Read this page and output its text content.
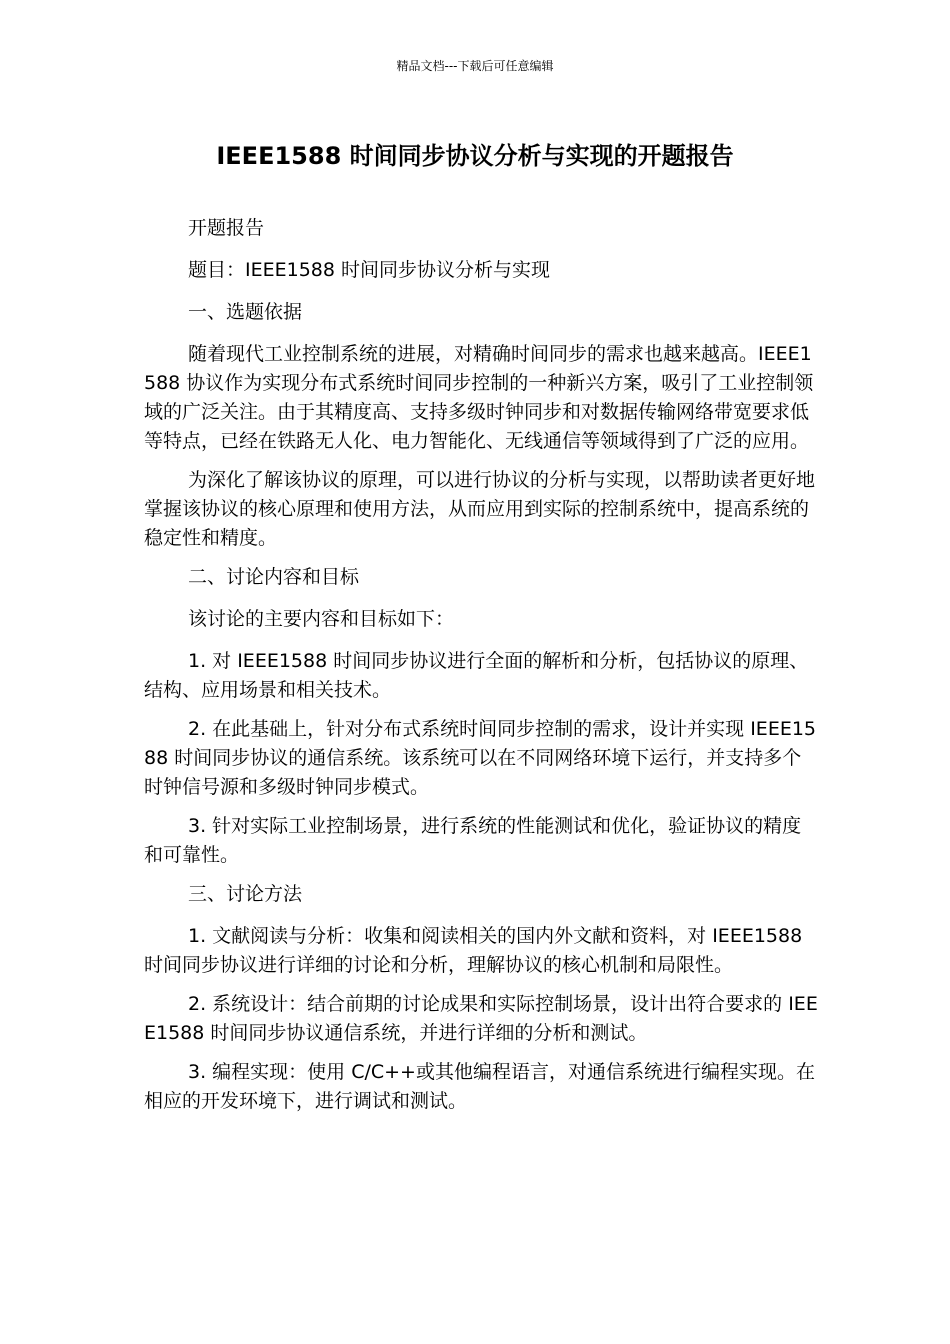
精品文档---下载后可任意编辑
IEEE1588 时间同步协议分析与实现的开题报告

开题报告

题目：IEEE1588 时间同步协议分析与实现

一、选题依据

随着现代工业控制系统的进展，对精确时间同步的需求也越来越高。IEEE1588 协议作为实现分布式系统时间同步控制的一种新兴方案，吸引了工业控制领域的广泛关注。由于其精度高、支持多级时钟同步和对数据传输网络带宽要求低等特点，已经在铁路无人化、电力智能化、无线通信等领域得到了广泛的应用。

为深化了解该协议的原理，可以进行协议的分析与实现，以帮助读者更好地掌握该协议的核心原理和使用方法，从而应用到实际的控制系统中，提高系统的稳定性和精度。

二、讨论内容和目标

该讨论的主要内容和目标如下：

1. 对 IEEE1588 时间同步协议进行全面的解析和分析，包括协议的原理、结构、应用场景和相关技术。

2. 在此基础上，针对分布式系统时间同步控制的需求，设计并实现 IEEE1588 时间同步协议的通信系统。该系统可以在不同网络环境下运行，并支持多个时钟信号源和多级时钟同步模式。

3. 针对实际工业控制场景，进行系统的性能测试和优化，验证协议的精度和可靠性。

三、讨论方法

1. 文献阅读与分析：收集和阅读相关的国内外文献和资料，对 IEEE1588 时间同步协议进行详细的讨论和分析，理解协议的核心机制和局限性。

2. 系统设计：结合前期的讨论成果和实际控制场景，设计出符合要求的 IEEE1588 时间同步协议通信系统，并进行详细的分析和测试。

3. 编程实现：使用 C/C++或其他编程语言，对通信系统进行编程实现。在相应的开发环境下，进行调试和测试。
